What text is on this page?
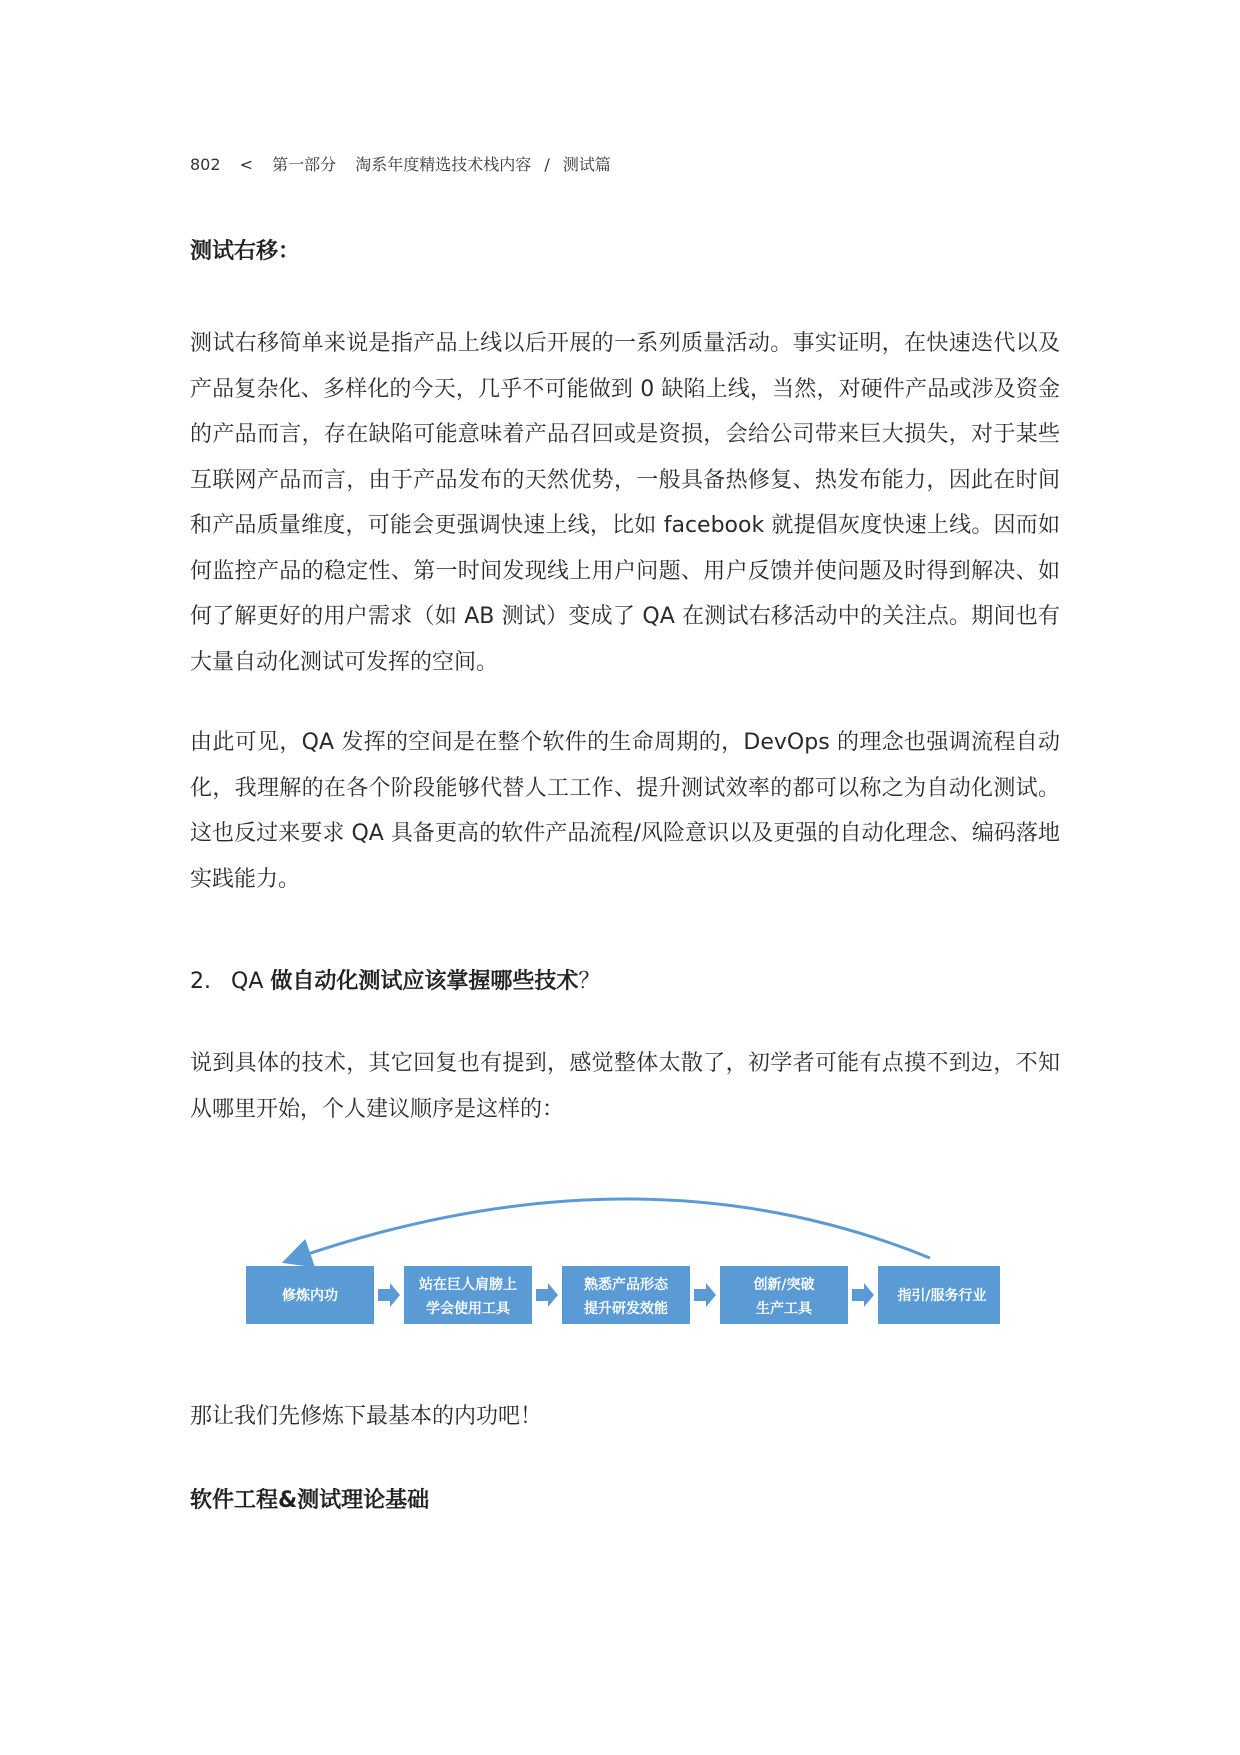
802 < 第一部分 淘系年度精选技术栈内容 / 测试篇
测试右移：

测试右移简单来说是指产品上线以后开展的一系列质量活动。事实证明，在快速迭代以及产品复杂化、多样化的今天，几乎不可能做到 0 缺陷上线，当然，对硬件产品或涉及资金的产品而言，存在缺陷可能意味着产品召回或是资损，会给公司带来巨大损失，对于某些互联网产品而言，由于产品发布的天然优势，一般具备热修复、热发布能力，因此在时间和产品质量维度，可能会更强调快速上线，比如 facebook 就提倡灰度快速上线。因而如何监控产品的稳定性、第一时间发现线上用户问题、用户反馈并使问题及时得到解决、如何了解更好的用户需求（如 AB 测试）变成了 QA 在测试右移活动中的关注点。期间也有大量自动化测试可发挥的空间。

由此可见，QA 发挥的空间是在整个软件的生命周期的，DevOps 的理念也强调流程自动化，我理解的在各个阶段能够代替人工工作、提升测试效率的都可以称之为自动化测试。这也反过来要求 QA 具备更高的软件产品流程/风险意识以及更强的自动化理念、编码落地实践能力。

2. QA 做自动化测试应该掌握哪些技术？

说到具体的技术，其它回复也有提到，感觉整体太散了，初学者可能有点摸不到边，不知从哪里开始，个人建议顺序是这样的：

修炼内功
站在巨人肩膀上
学会使用工具
熟悉产品形态
提升研发效能
创新/突破
生产工具
指引/服务行业

那让我们先修炼下最基本的内功吧！

软件工程&测试理论基础
